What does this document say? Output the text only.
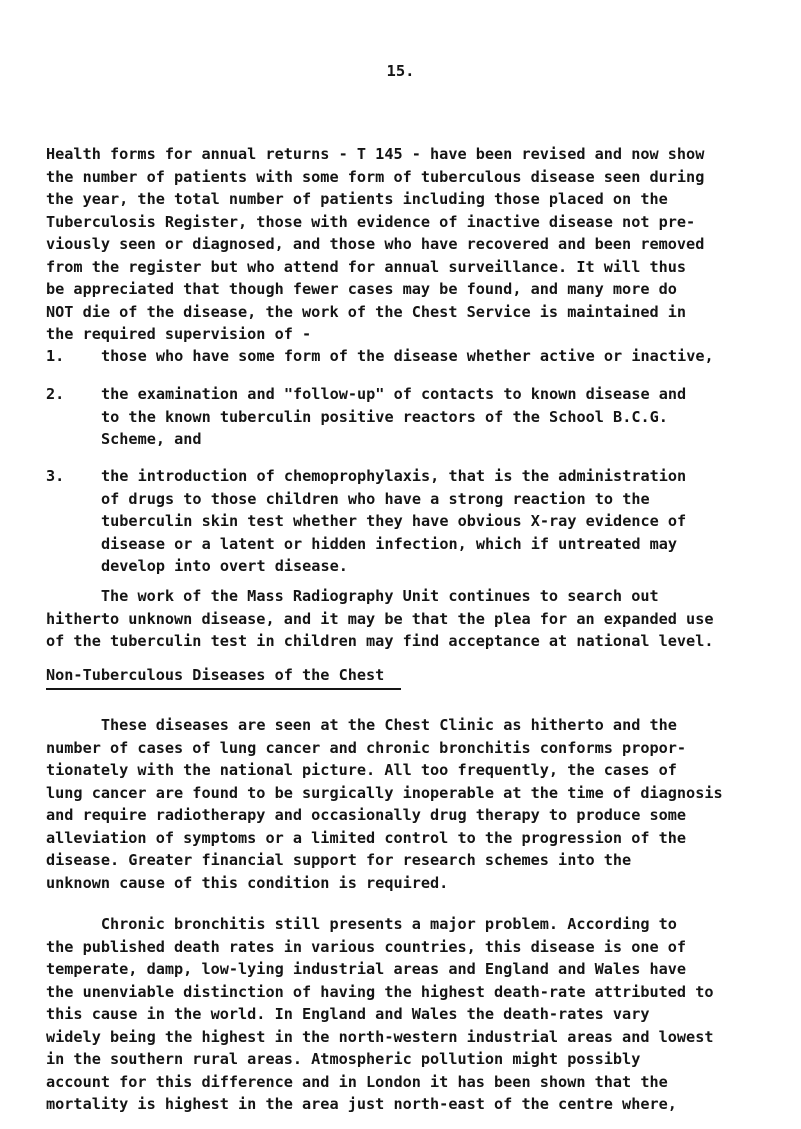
15.

Health forms for annual returns - T 145 - have been revised and now show
the number of patients with some form of tuberculous disease seen during
the year, the total number of patients including those placed on the
Tuberculosis Register, those with evidence of inactive disease not pre-
viously seen or diagnosed, and those who have recovered and been removed
from the register but who attend for annual surveillance. It will thus
be appreciated that though fewer cases may be found, and many more do
NOT die of the disease, the work of the Chest Service is maintained in
the required supervision of -

1.	those who have some form of the disease whether active or inactive,

2.	the examination and "follow-up" of contacts to known disease and
to the known tuberculin positive reactors of the School B.C.G.
Scheme, and

3.	the introduction of chemoprophylaxis, that is the administration
of drugs to those children who have a strong reaction to the
tuberculin skin test whether they have obvious X-ray evidence of
disease or a latent or hidden infection, which if untreated may
develop into overt disease.

The work of the Mass Radiography Unit continues to search out
hitherto unknown disease, and it may be that the plea for an expanded use
of the tuberculin test in children may find acceptance at national level.

Non-Tuberculous Diseases of the Chest

These diseases are seen at the Chest Clinic as hitherto and the
number of cases of lung cancer and chronic bronchitis conforms propor-
tionately with the national picture. All too frequently, the cases of
lung cancer are found to be surgically inoperable at the time of diagnosis
and require radiotherapy and occasionally drug therapy to produce some
alleviation of symptoms or a limited control to the progression of the
disease. Greater financial support for research schemes into the
unknown cause of this condition is required.

Chronic bronchitis still presents a major problem. According to
the published death rates in various countries, this disease is one of
temperate, damp, low-lying industrial areas and England and Wales have
the unenviable distinction of having the highest death-rate attributed to
this cause in the world. In England and Wales the death-rates vary
widely being the highest in the north-western industrial areas and lowest
in the southern rural areas. Atmospheric pollution might possibly
account for this difference and in London it has been shown that the
mortality is highest in the area just north-east of the centre where,
